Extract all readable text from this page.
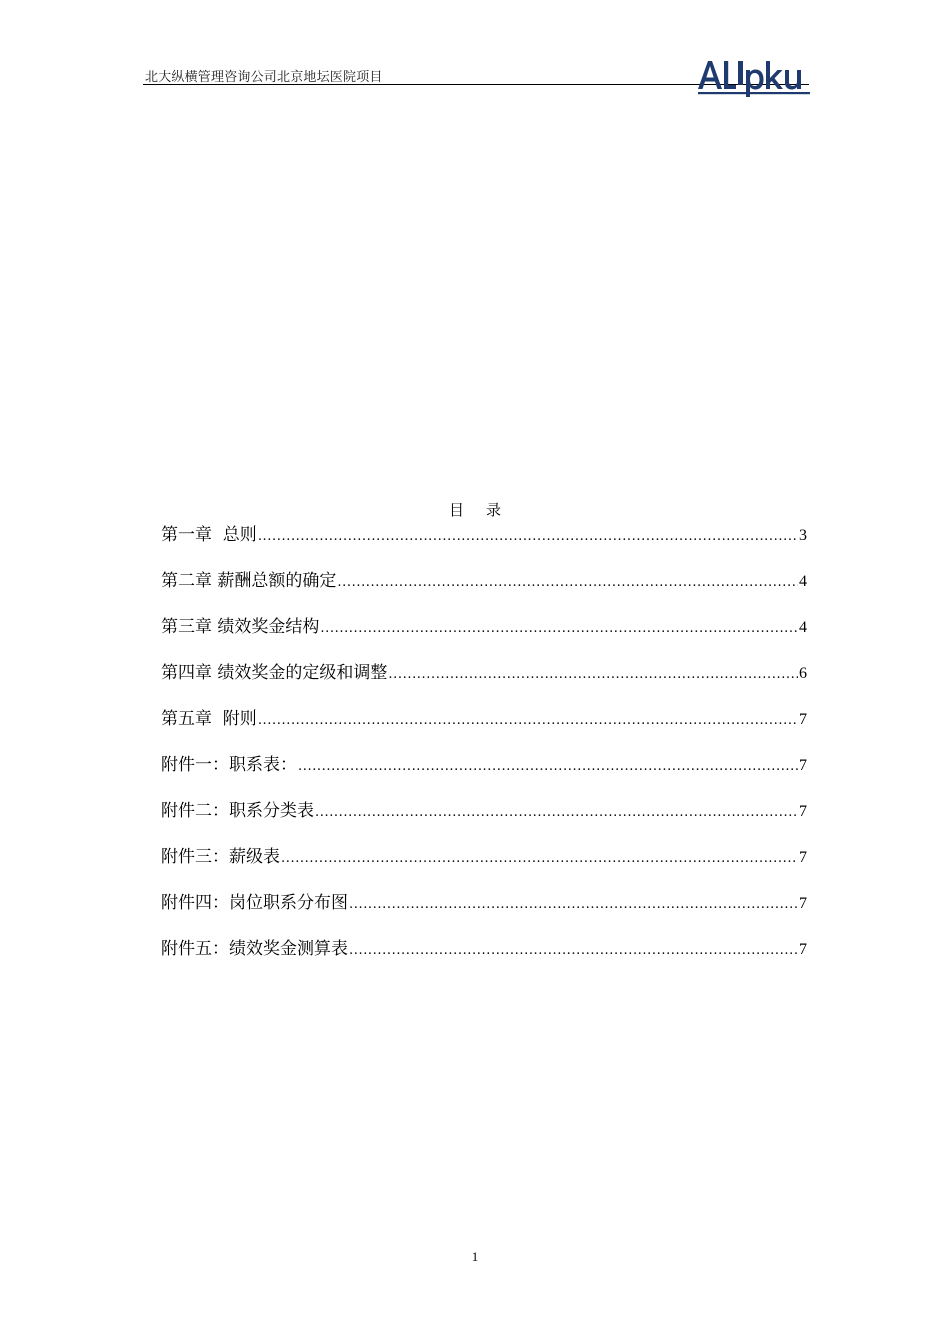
北大纵横管理咨询公司北京地坛医院项目
目 录
第一章  总则 .....	3
第二章 薪酬总额的确定 .....	4
第三章 绩效奖金结构 .....	4
第四章 绩效奖金的定级和调整 .....	6
第五章  附则 .....	7
附件一：职系表： .....	7
附件二：职系分类表 .....	7
附件三：薪级表 .....	7
附件四：岗位职系分布图 .....	7
附件五：绩效奖金测算表 .....	7
1
